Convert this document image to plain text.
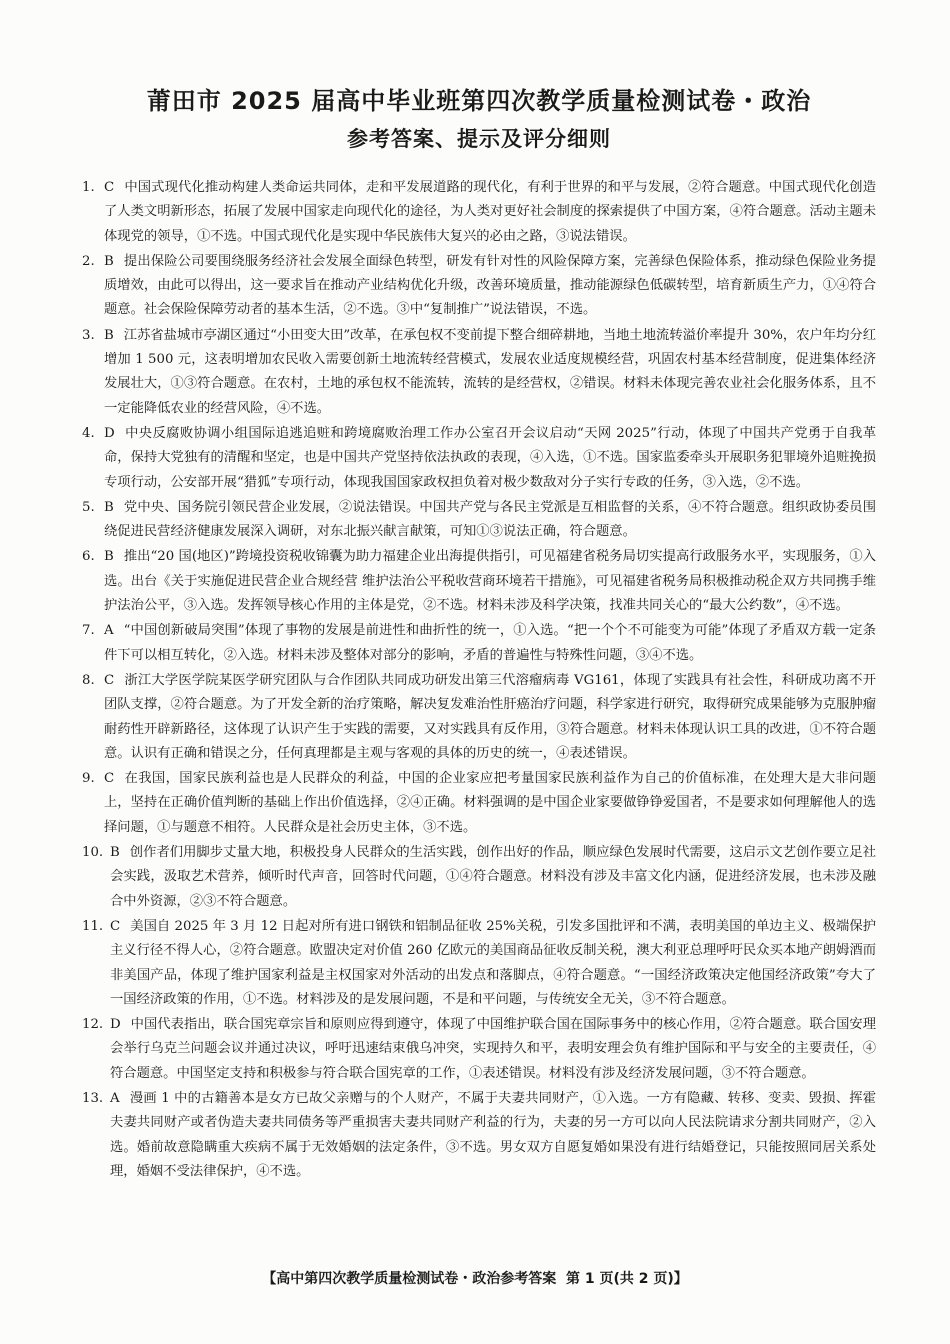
莆田市 2025 届高中毕业班第四次教学质量检测试卷・政治
参考答案、提示及评分细则
1. C 中国式现代化推动构建人类命运共同体，走和平发展道路的现代化，有利于世界的和平与发展，②符合题意。中国式现代化创造了人类文明新形态，拓展了发展中国家走向现代化的途径，为人类对更好社会制度的探索提供了中国方案，④符合题意。活动主题未体现党的领导，①不选。中国式现代化是实现中华民族伟大复兴的必由之路，③说法错误。
2. B 提出保险公司要围绕服务经济社会发展全面绿色转型，研发有针对性的风险保障方案，完善绿色保险体系，推动绿色保险业务提质增效，由此可以得出，这一要求旨在推动产业结构优化升级，改善环境质量，推动能源绿色低碳转型，培育新质生产力，①④符合题意。社会保险保障劳动者的基本生活，②不选。③中“复制推广”说法错误，不选。
3. B 江苏省盐城市亭湖区通过“小田变大田”改革，在承包权不变前提下整合细碎耕地，当地土地流转溢价率提升 30%，农户年均分红增加 1 500 元，这表明增加农民收入需要创新土地流转经营模式，发展农业适度规模经营，巩固农村基本经营制度，促进集体经济发展壮大，①③符合题意。在农村，土地的承包权不能流转，流转的是经营权，②错误。材料未体现完善农业社会化服务体系，且不一定能降低农业的经营风险，④不选。
4. D 中央反腐败协调小组国际追逃追赃和跨境腐败治理工作办公室召开会议启动“天网 2025”行动，体现了中国共产党勇于自我革命，保持大党独有的清醒和坚定，也是中国共产党坚持依法执政的表现，④入选，①不选。国家监委牵头开展职务犯罪境外追赃挽损专项行动，公安部开展“猎狐”专项行动，体现我国国家政权担负着对极少数敌对分子实行专政的任务，③入选，②不选。
5. B 党中央、国务院引领民营企业发展，②说法错误。中国共产党与各民主党派是互相监督的关系，④不符合题意。组织政协委员围绕促进民营经济健康发展深入调研，对东北振兴献言献策，可知①③说法正确，符合题意。
6. B 推出“20 国(地区)”跨境投资税收锦囊为助力福建企业出海提供指引，可见福建省税务局切实提高行政服务水平，实现服务，①入选。出台《关于实施促进民营企业合规经营 维护法治公平税收营商环境若干措施》，可见福建省税务局积极推动税企双方共同携手维护法治公平，③入选。发挥领导核心作用的主体是党，②不选。材料未涉及科学决策，找准共同关心的“最大公约数”，④不选。
7. A “中国创新破局突围”体现了事物的发展是前进性和曲折性的统一，①入选。“把一个个不可能变为可能”体现了矛盾双方载一定条件下可以相互转化，②入选。材料未涉及整体对部分的影响，矛盾的普遍性与特殊性问题，③④不选。
8. C 浙江大学医学院某医学研究团队与合作团队共同成功研发出第三代溶瘤病毒 VG161，体现了实践具有社会性，科研成功离不开团队支撑，②符合题意。为了开发全新的治疗策略，解决复发难治性肝癌治疗问题，科学家进行研究，取得研究成果能够为克服肿瘤耐药性开辟新路径，这体现了认识产生于实践的需要，又对实践具有反作用，③符合题意。材料未体现认识工具的改进，①不符合题意。认识有正确和错误之分，任何真理都是主观与客观的具体的历史的统一，④表述错误。
9. C 在我国，国家民族利益也是人民群众的利益，中国的企业家应把考量国家民族利益作为自己的价值标准，在处理大是大非问题上，坚持在正确价值判断的基础上作出价值选择，②④正确。材料强调的是中国企业家要做铮铮爱国者，不是要求如何理解他人的选择问题，①与题意不相符。人民群众是社会历史主体，③不选。
10. B 创作者们用脚步丈量大地，积极投身人民群众的生活实践，创作出好的作品，顺应绿色发展时代需要，这启示文艺创作要立足社会实践，汲取艺术营养，倾听时代声音，回答时代问题，①④符合题意。材料没有涉及丰富文化内涵，促进经济发展，也未涉及融合中外资源，②③不符合题意。
11. C 美国自 2025 年 3 月 12 日起对所有进口钢铁和铝制品征收 25%关税，引发多国批评和不满，表明美国的单边主义、极端保护主义行径不得人心，②符合题意。欧盟决定对价值 260 亿欧元的美国商品征收反制关税，澳大利亚总理呼吁民众买本地产朗姆酒而非美国产品，体现了维护国家利益是主权国家对外活动的出发点和落脚点，④符合题意。“一国经济政策决定他国经济政策”夸大了一国经济政策的作用，①不选。材料涉及的是发展问题，不是和平问题，与传统安全无关，③不符合题意。
12. D 中国代表指出，联合国宪章宗旨和原则应得到遵守，体现了中国维护联合国在国际事务中的核心作用，②符合题意。联合国安理会举行乌克兰问题会议并通过决议，呼吁迅速结束俄乌冲突，实现持久和平，表明安理会负有维护国际和平与安全的主要责任，④符合题意。中国坚定支持和积极参与符合联合国宪章的工作，①表述错误。材料没有涉及经济发展问题，③不符合题意。
13. A 漫画 1 中的古籍善本是女方已故父亲赠与的个人财产，不属于夫妻共同财产，①入选。一方有隐藏、转移、变卖、毁损、挥霍夫妻共同财产或者伪造夫妻共同债务等严重损害夫妻共同财产利益的行为，夫妻的另一方可以向人民法院请求分割共同财产，②入选。婚前故意隐瞒重大疾病不属于无效婚姻的法定条件，③不选。男女双方自愿复婚如果没有进行结婚登记，只能按照同居关系处理，婚姻不受法律保护，④不选。
【高中第四次教学质量检测试卷・政治参考答案 第 1 页(共 2 页)】
